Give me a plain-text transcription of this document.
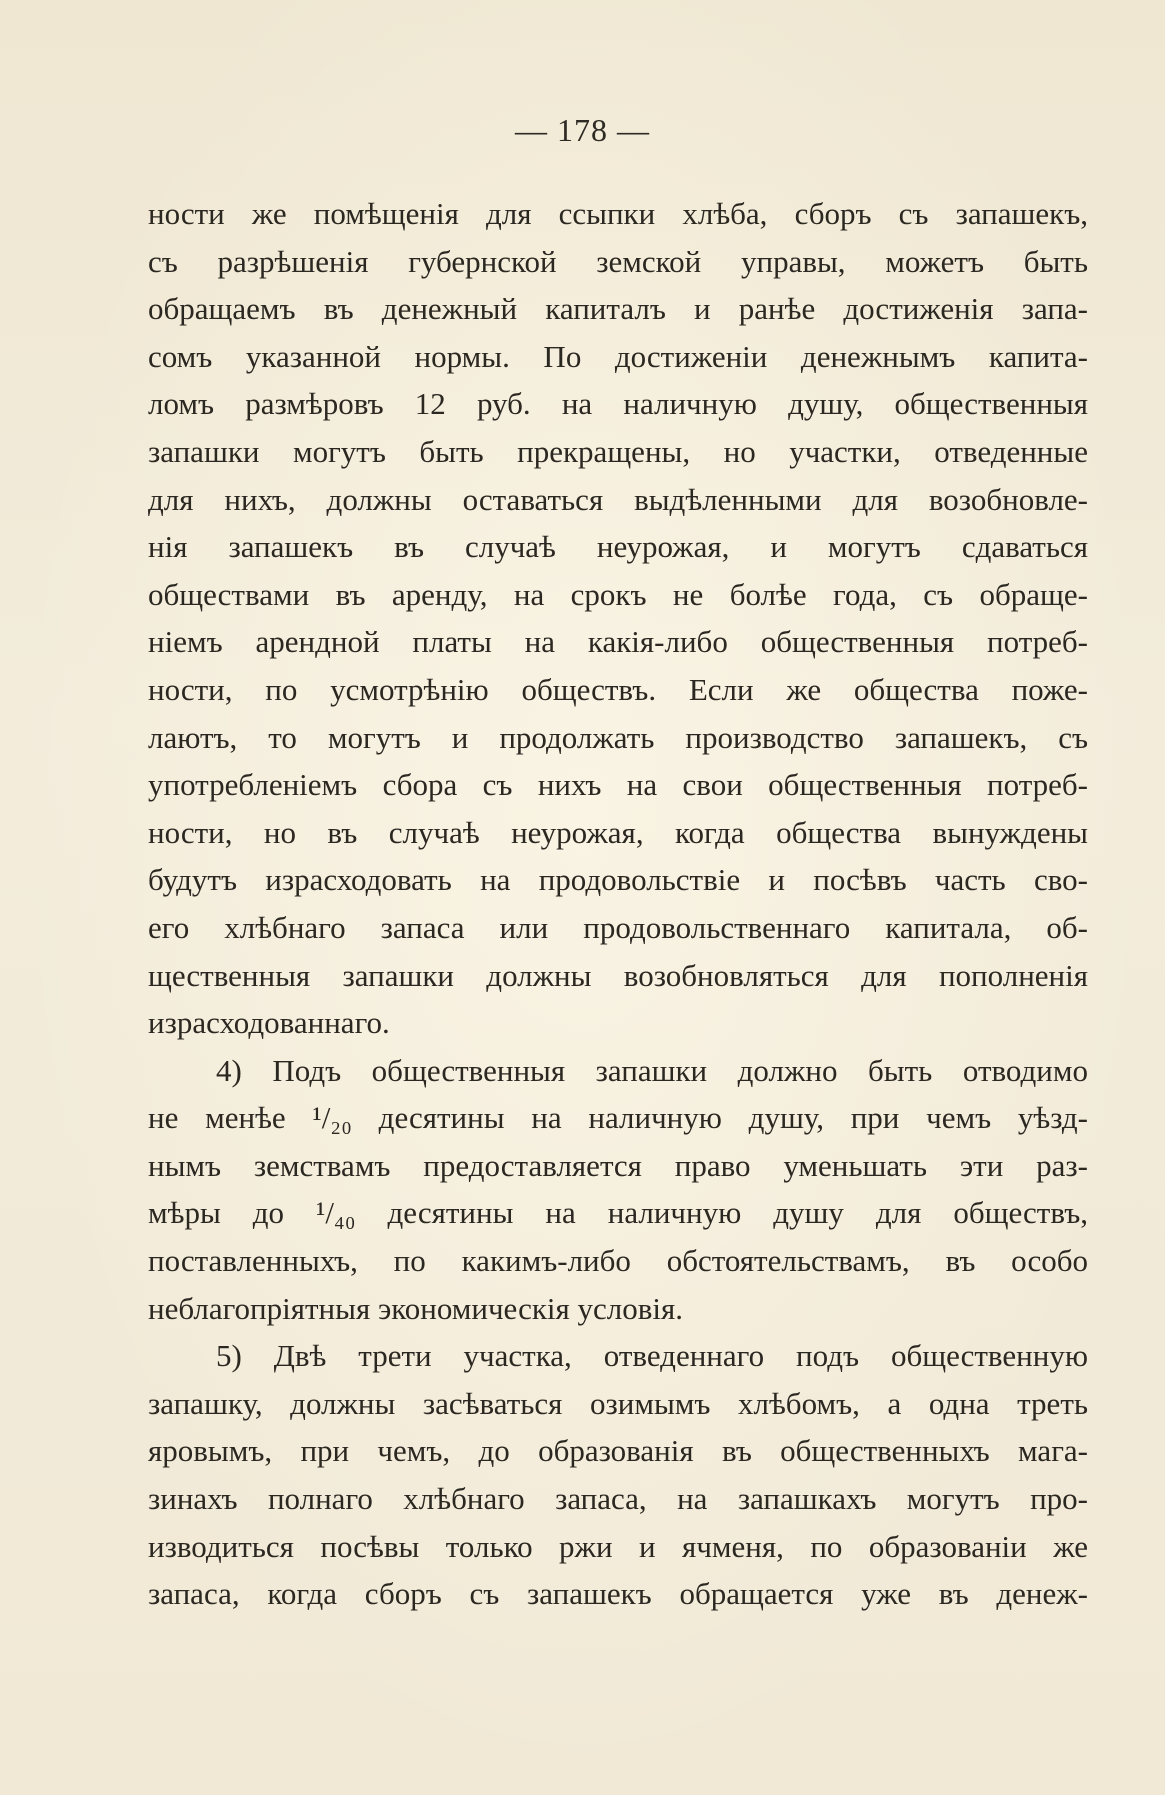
— 178 —
ности же помѣщенія для ссыпки хлѣба, сборъ съ запашекъ,
съ разрѣшенія губернской земской управы, можетъ быть
обращаемъ въ денежный капиталъ и ранѣе достиженія запа-
сомъ указанной нормы. По достиженіи денежнымъ капита-
ломъ размѣровъ 12 руб. на наличную душу, общественныя
запашки могутъ быть прекращены, но участки, отведенные
для нихъ, должны оставаться выдѣленными для возобновле-
нія запашекъ въ случаѣ неурожая, и могутъ сдаваться
обществами въ аренду, на срокъ не болѣе года, съ обраще-
ніемъ арендной платы на какія-либо общественныя потреб-
ности, по усмотрѣнію обществъ. Если же общества поже-
лаютъ, то могутъ и продолжать производство запашекъ, съ
употребленіемъ сбора съ нихъ на свои общественныя потреб-
ности, но въ случаѣ неурожая, когда общества вынуждены
будутъ израсходовать на продовольствіе и посѣвъ часть сво-
его хлѣбнаго запаса или продовольственнаго капитала, об-
щественныя запашки должны возобновляться для пополненія
израсходованнаго.
4) Подъ общественныя запашки должно быть отводимо
не менѣе ¹/₂₀ десятины на наличную душу, при чемъ уѣзд-
нымъ земствамъ предоставляется право уменьшать эти раз-
мѣры до ¹/₄₀ десятины на наличную душу для обществъ,
поставленныхъ, по какимъ-либо обстоятельствамъ, въ особо
неблагопріятныя экономическія условія.
5) Двѣ трети участка, отведеннаго подъ общественную
запашку, должны засѣваться озимымъ хлѣбомъ, а одна треть
яровымъ, при чемъ, до образованія въ общественныхъ мага-
зинахъ полнаго хлѣбнаго запаса, на запашкахъ могутъ про-
изводиться посѣвы только ржи и ячменя, по образованіи же
запаса, когда сборъ съ запашекъ обращается уже въ денеж-
